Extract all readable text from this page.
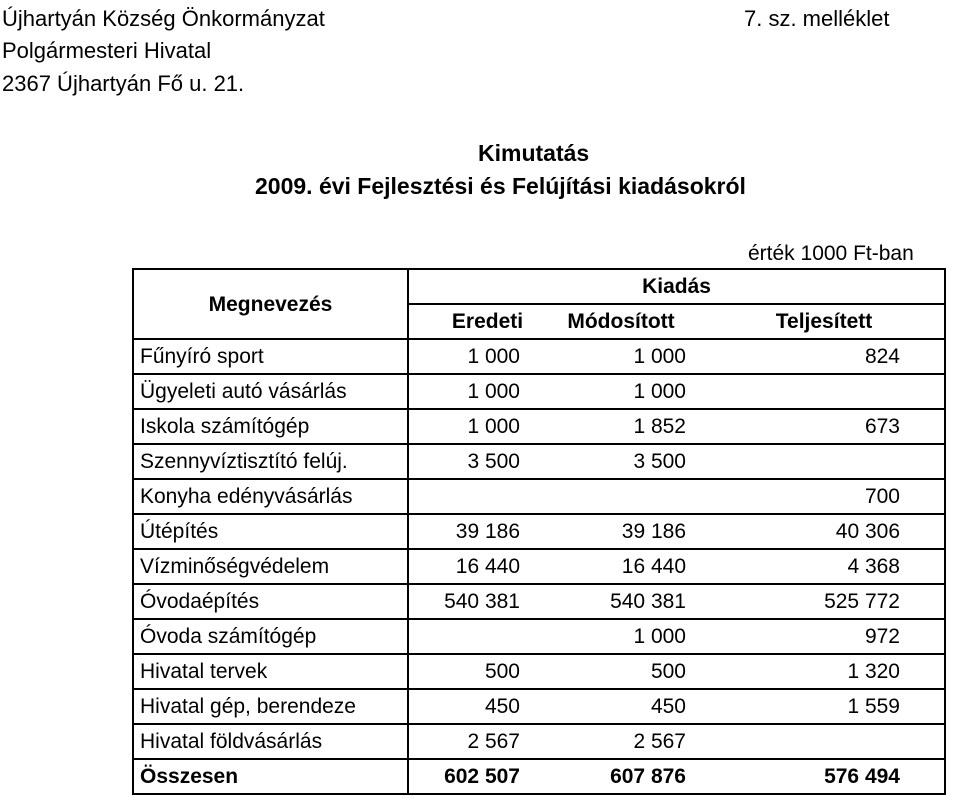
Újhartyán Község Önkormányzat
Polgármesteri Hivatal
2367 Újhartyán Fő u. 21.
7. sz. melléklet
Kimutatás
2009. évi Fejlesztési és Felújítási kiadásokról
érték 1000 Ft-ban
Megnevezés	Kiadás		
	Eredeti	Módosított	Teljesített
Fűnyíró sport	1 000	1 000	824
Ügyeleti autó vásárlás	1 000	1 000	
Iskola számítógép	1 000	1 852	673
Szennyvíztisztító felúj.	3 500	3 500	
Konyha edényvásárlás			700
Útépítés	39 186	39 186	40 306
Vízminőségvédelem	16 440	16 440	4 368
Óvodaépítés	540 381	540 381	525 772
Óvoda számítógép		1 000	972
Hivatal tervek	500	500	1 320
Hivatal gép, berendeze	450	450	1 559
Hivatal földvásárlás	2 567	2 567	
Összesen	602 507	607 876	576 494
